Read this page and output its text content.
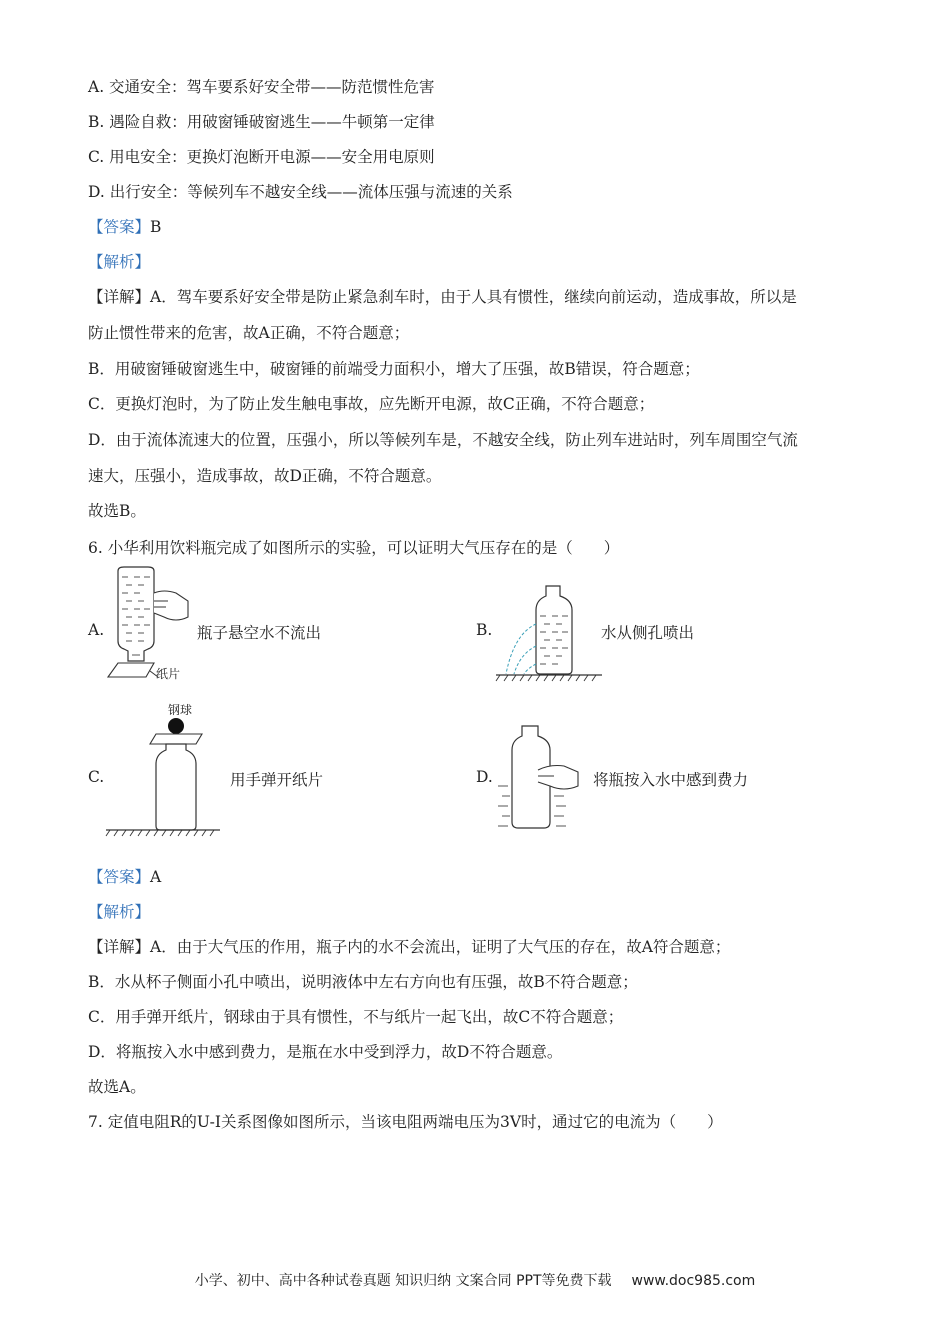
A. 交通安全：驾车要系好安全带——防范惯性危害
B. 遇险自救：用破窗锤破窗逃生——牛顿第一定律
C. 用电安全：更换灯泡断开电源——安全用电原则
D. 出行安全：等候列车不越安全线——流体压强与流速的关系
【答案】B
【解析】
【详解】A．驾车要系好安全带是防止紧急刹车时，由于人具有惯性，继续向前运动，造成事故，所以是
防止惯性带来的危害，故A正确，不符合题意；
B．用破窗锤破窗逃生中，破窗锤的前端受力面积小，增大了压强，故B错误，符合题意；
C．更换灯泡时，为了防止发生触电事故，应先断开电源，故C正确，不符合题意；
D．由于流体流速大的位置，压强小，所以等候列车是，不越安全线，防止列车进站时，列车周围空气流
速大，压强小，造成事故，故D正确，不符合题意。
故选B。
6. 小华利用饮料瓶完成了如图所示的实验，可以证明大气压存在的是（　　）
A.
纸片
瓶子悬空水不流出	B.	水从侧孔喷出
C.
钢球
用手弹开纸片	D.	将瓶按入水中感到费力
【答案】A
【解析】
【详解】A．由于大气压的作用，瓶子内的水不会流出，证明了大气压的存在，故A符合题意；
B．水从杯子侧面小孔中喷出，说明液体中左右方向也有压强，故B不符合题意；
C．用手弹开纸片，钢球由于具有惯性，不与纸片一起飞出，故C不符合题意；
D．将瓶按入水中感到费力，是瓶在水中受到浮力，故D不符合题意。
故选A。
7. 定值电阻R的U-I关系图像如图所示，当该电阻两端电压为3V时，通过它的电流为（　　）
小学、初中、高中各种试卷真题 知识归纳 文案合同 PPT等免费下载 www.doc985.com
